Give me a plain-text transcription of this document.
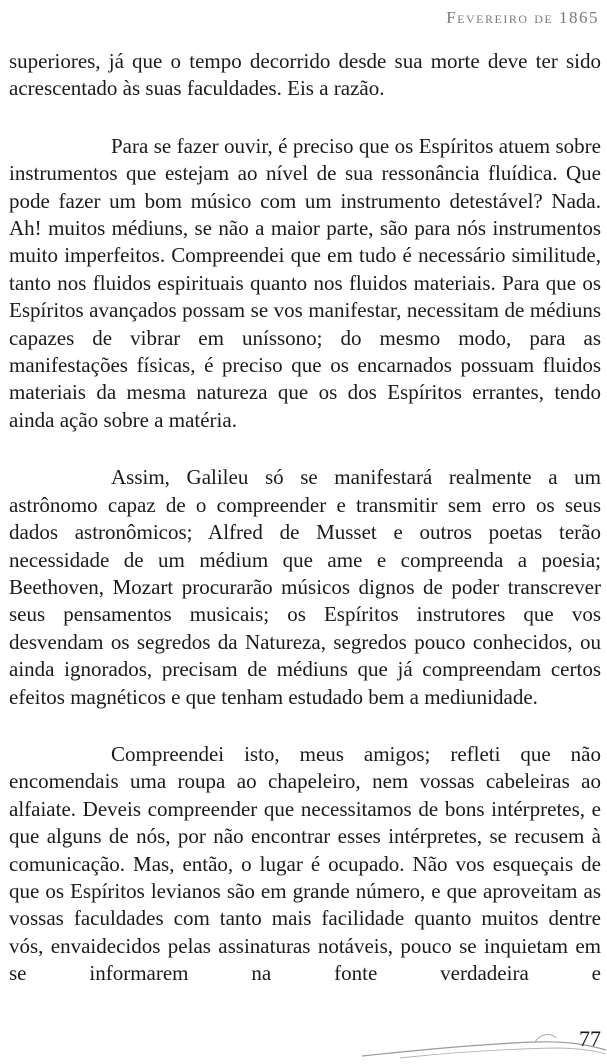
Fevereiro de 1865

superiores, já que o tempo decorrido desde sua morte deve ter sido acrescentado às suas faculdades. Eis a razão.

Para se fazer ouvir, é preciso que os Espíritos atuem sobre instrumentos que estejam ao nível de sua ressonância fluídica. Que pode fazer um bom músico com um instrumento detestável? Nada. Ah! muitos médiuns, se não a maior parte, são para nós instrumentos muito imperfeitos. Compreendei que em tudo é necessário similitude, tanto nos fluidos espirituais quanto nos fluidos materiais. Para que os Espíritos avançados possam se vos manifestar, necessitam de médiuns capazes de vibrar em uníssono; do mesmo modo, para as manifestações físicas, é preciso que os encarnados possuam fluidos materiais da mesma natureza que os dos Espíritos errantes, tendo ainda ação sobre a matéria.

Assim, Galileu só se manifestará realmente a um astrônomo capaz de o compreender e transmitir sem erro os seus dados astronômicos; Alfred de Musset e outros poetas terão necessidade de um médium que ame e compreenda a poesia; Beethoven, Mozart procurarão músicos dignos de poder transcrever seus pensamentos musicais; os Espíritos instrutores que vos desvendam os segredos da Natureza, segredos pouco conhecidos, ou ainda ignorados, precisam de médiuns que já compreendam certos efeitos magnéticos e que tenham estudado bem a mediunidade.

Compreendei isto, meus amigos; refleti que não encomendais uma roupa ao chapeleiro, nem vossas cabeleiras ao alfaiate. Deveis compreender que necessitamos de bons intérpretes, e que alguns de nós, por não encontrar esses intérpretes, se recusem à comunicação. Mas, então, o lugar é ocupado. Não vos esqueçais de que os Espíritos levianos são em grande número, e que aproveitam as vossas faculdades com tanto mais facilidade quanto muitos dentre vós, envaidecidos pelas assinaturas notáveis, pouco se inquietam em se informarem na fonte verdadeira e

77
